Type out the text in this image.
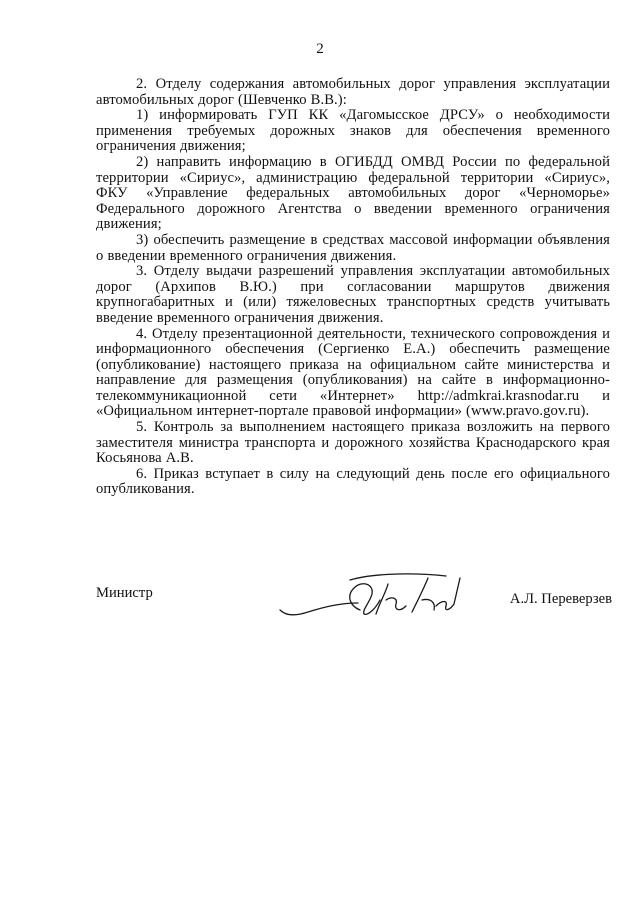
2

2. Отделу содержания автомобильных дорог управления эксплуатации автомобильных дорог (Шевченко В.В.):

1) информировать ГУП КК «Дагомысское ДРСУ» о необходимости применения требуемых дорожных знаков для обеспечения временного ограничения движения;

2) направить информацию в ОГИБДД ОМВД России по федеральной территории «Сириус», администрацию федеральной территории «Сириус», ФКУ «Управление федеральных автомобильных дорог «Черноморье» Федерального дорожного Агентства о введении временного ограничения движения;

3) обеспечить размещение в средствах массовой информации объявления о введении временного ограничения движения.

3. Отделу выдачи разрешений управления эксплуатации автомобильных дорог (Архипов В.Ю.) при согласовании маршрутов движения крупногабаритных и (или) тяжеловесных транспортных средств учитывать введение временного ограничения движения.

4. Отделу презентационной деятельности, технического сопровождения и информационного обеспечения (Сергиенко Е.А.) обеспечить размещение (опубликование) настоящего приказа на официальном сайте министерства и направление для размещения (опубликования) на сайте в информационно-телекоммуникационной сети «Интернет» http://admkrai.krasnodar.ru и «Официальном интернет-портале правовой информации» (www.pravo.gov.ru).

5. Контроль за выполнением настоящего приказа возложить на первого заместителя министра транспорта и дорожного хозяйства Краснодарского края Косьянова А.В.

6. Приказ вступает в силу на следующий день после его официального опубликования.

Министр	А.Л. Переверзев
